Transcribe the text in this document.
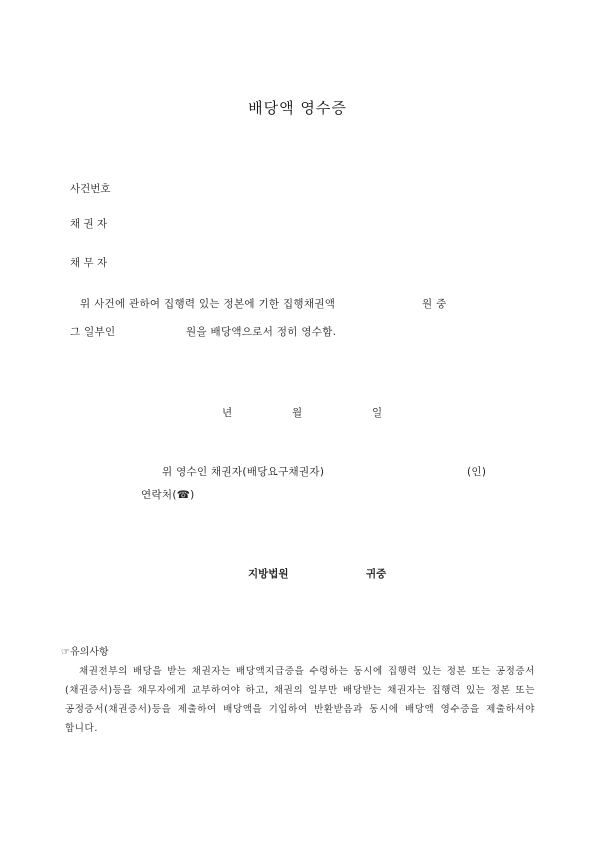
배당액 영수증
사건번호
채 권 자
채 무 자
위 사건에 관하여 집행력 있는 정본에 기한 집행채권액	원 중
그 일부인	원을 배당액으로서 정히 영수함.
년	월	일
위 영수인 채권자(배당요구채권자)	(인)
연락처(☎)
지방법원	귀중
☞유의사항
채권전부의 배당을 받는 채권자는 배당액지급증을 수령하는 동시에 집행력 있는 정본 또는 공정증서(채권증서)등을 채무자에게 교부하여야 하고, 채권의 일부만 배당받는 채권자는 집행력 있는 정본 또는 공정증서(채권증서)등을 제출하여 배당액을 기입하여 반환받음과 동시에 배당액 영수증을 제출하셔야 합니다.
